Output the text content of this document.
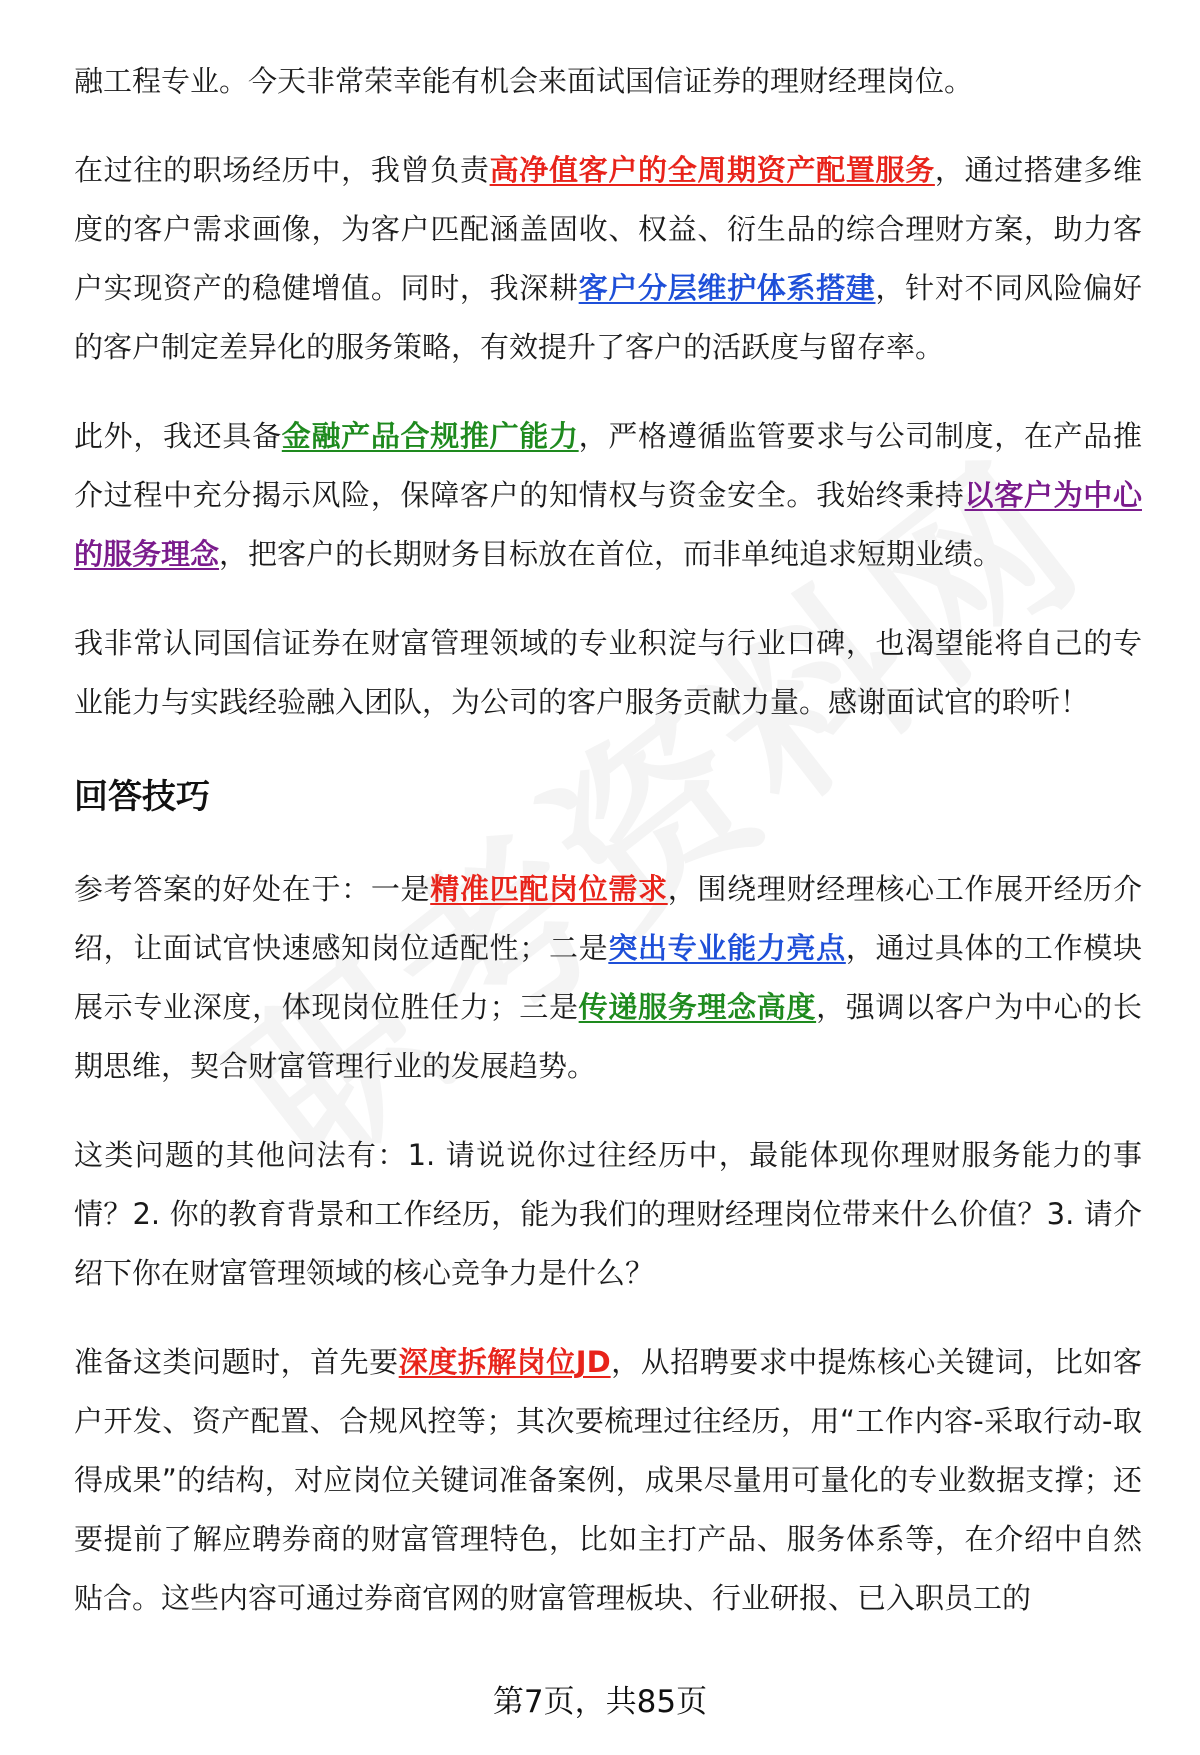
融工程专业。今天非常荣幸能有机会来面试国信证券的理财经理岗位。

在过往的职场经历中，我曾负责高净值客户的全周期资产配置服务，通过搭建多维度的客户需求画像，为客户匹配涵盖固收、权益、衍生品的综合理财方案，助力客户实现资产的稳健增值。同时，我深耕客户分层维护体系搭建，针对不同风险偏好的客户制定差异化的服务策略，有效提升了客户的活跃度与留存率。

此外，我还具备金融产品合规推广能力，严格遵循监管要求与公司制度，在产品推介过程中充分揭示风险，保障客户的知情权与资金安全。我始终秉持以客户为中心的服务理念，把客户的长期财务目标放在首位，而非单纯追求短期业绩。

我非常认同国信证券在财富管理领域的专业积淀与行业口碑，也渴望能将自己的专业能力与实践经验融入团队，为公司的客户服务贡献力量。感谢面试官的聆听！

回答技巧

参考答案的好处在于：一是精准匹配岗位需求，围绕理财经理核心工作展开经历介绍，让面试官快速感知岗位适配性；二是突出专业能力亮点，通过具体的工作模块展示专业深度，体现岗位胜任力；三是传递服务理念高度，强调以客户为中心的长期思维，契合财富管理行业的发展趋势。

这类问题的其他问法有：1. 请说说你过往经历中，最能体现你理财服务能力的事情？2. 你的教育背景和工作经历，能为我们的理财经理岗位带来什么价值？3. 请介绍下你在财富管理领域的核心竞争力是什么？

准备这类问题时，首先要深度拆解岗位JD，从招聘要求中提炼核心关键词，比如客户开发、资产配置、合规风控等；其次要梳理过往经历，用“工作内容-采取行动-取得成果”的结构，对应岗位关键词准备案例，成果尽量用可量化的专业数据支撑；还要提前了解应聘券商的财富管理特色，比如主打产品、服务体系等，在介绍中自然贴合。这些内容可通过券商官网的财富管理板块、行业研报、已入职员工的

第7页，共85页
